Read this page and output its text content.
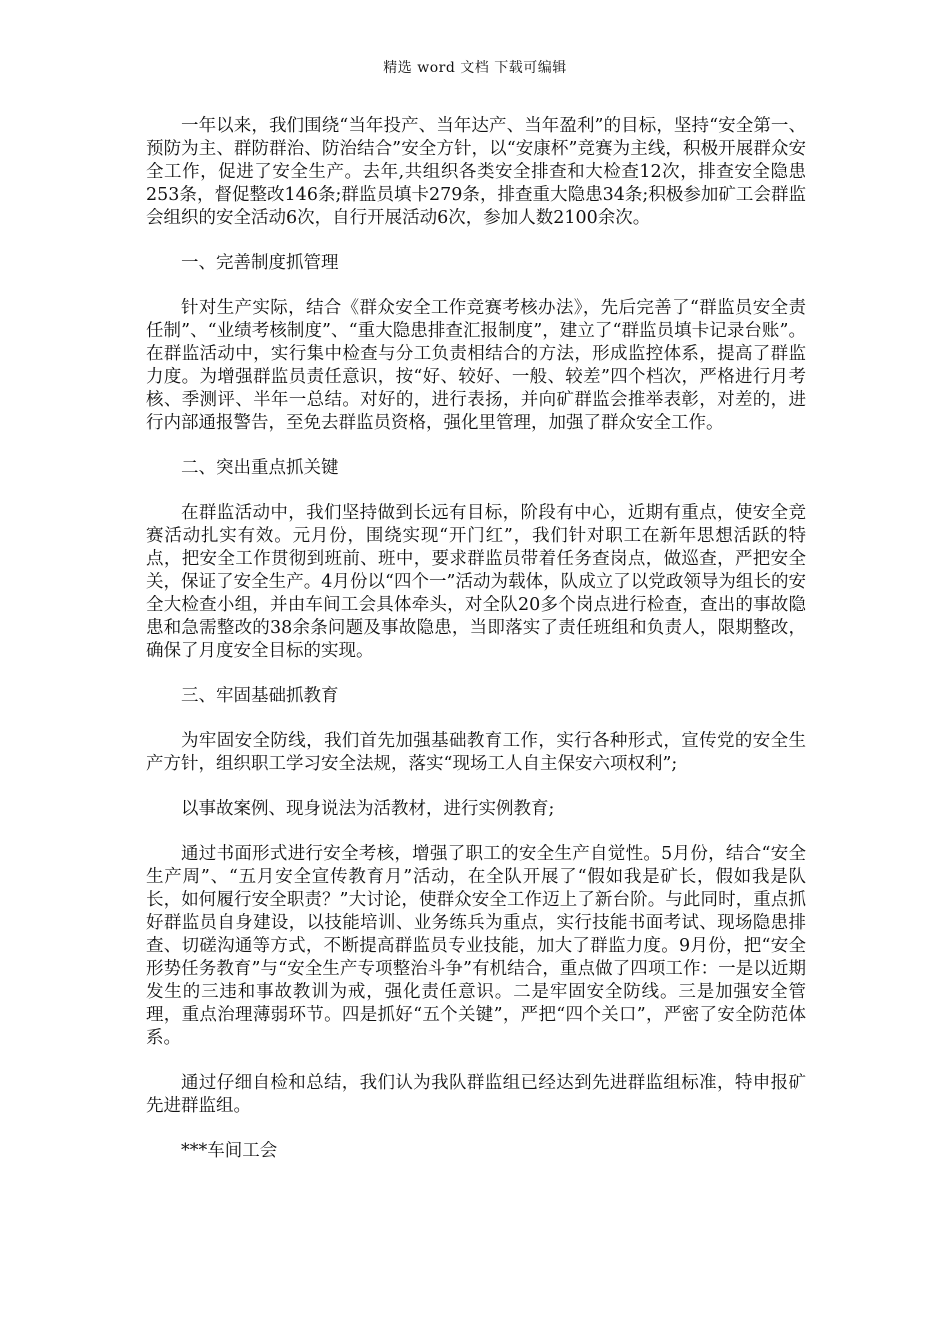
精选 word 文档 下载可编辑

一年以来，我们围绕“当年投产、当年达产、当年盈利”的目标，坚持“安全第一、预防为主、群防群治、防治结合”安全方针，以“安康杯”竞赛为主线，积极开展群众安全工作，促进了安全生产。去年,共组织各类安全排查和大检查12次，排查安全隐患253条，督促整改146条;群监员填卡279条，排查重大隐患34条;积极参加矿工会群监会组织的安全活动6次，自行开展活动6次，参加人数2100余次。

一、完善制度抓管理

针对生产实际，结合《群众安全工作竞赛考核办法》，先后完善了“群监员安全责任制”、“业绩考核制度”、“重大隐患排查汇报制度”，建立了“群监员填卡记录台账”。在群监活动中，实行集中检查与分工负责相结合的方法，形成监控体系，提高了群监力度。为增强群监员责任意识，按“好、较好、一般、较差”四个档次，严格进行月考核、季测评、半年一总结。对好的，进行表扬，并向矿群监会推举表彰，对差的，进行内部通报警告，至免去群监员资格，强化里管理，加强了群众安全工作。

二、突出重点抓关键

在群监活动中，我们坚持做到长远有目标，阶段有中心，近期有重点，使安全竞赛活动扎实有效。元月份，围绕实现“开门红”，我们针对职工在新年思想活跃的特点，把安全工作贯彻到班前、班中，要求群监员带着任务查岗点，做巡查，严把安全关，保证了安全生产。4月份以“四个一”活动为载体，队成立了以党政领导为组长的安全大检查小组，并由车间工会具体牵头，对全队20多个岗点进行检查，查出的事故隐患和急需整改的38余条问题及事故隐患，当即落实了责任班组和负责人，限期整改，确保了月度安全目标的实现。

三、牢固基础抓教育

为牢固安全防线，我们首先加强基础教育工作，实行各种形式，宣传党的安全生产方针，组织职工学习安全法规，落实“现场工人自主保安六项权利”;

以事故案例、现身说法为活教材，进行实例教育;

通过书面形式进行安全考核，增强了职工的安全生产自觉性。5月份，结合“安全生产周”、“五月安全宣传教育月”活动，在全队开展了“假如我是矿长，假如我是队长，如何履行安全职责？”大讨论，使群众安全工作迈上了新台阶。与此同时，重点抓好群监员自身建设，以技能培训、业务练兵为重点，实行技能书面考试、现场隐患排查、切磋沟通等方式，不断提高群监员专业技能，加大了群监力度。9月份，把“安全形势任务教育”与“安全生产专项整治斗争”有机结合，重点做了四项工作：一是以近期发生的三违和事故教训为戒，强化责任意识。二是牢固安全防线。三是加强安全管理，重点治理薄弱环节。四是抓好“五个关键”，严把“四个关口”，严密了安全防范体系。

通过仔细自检和总结，我们认为我队群监组已经达到先进群监组标准，特申报矿先进群监组。

***车间工会
